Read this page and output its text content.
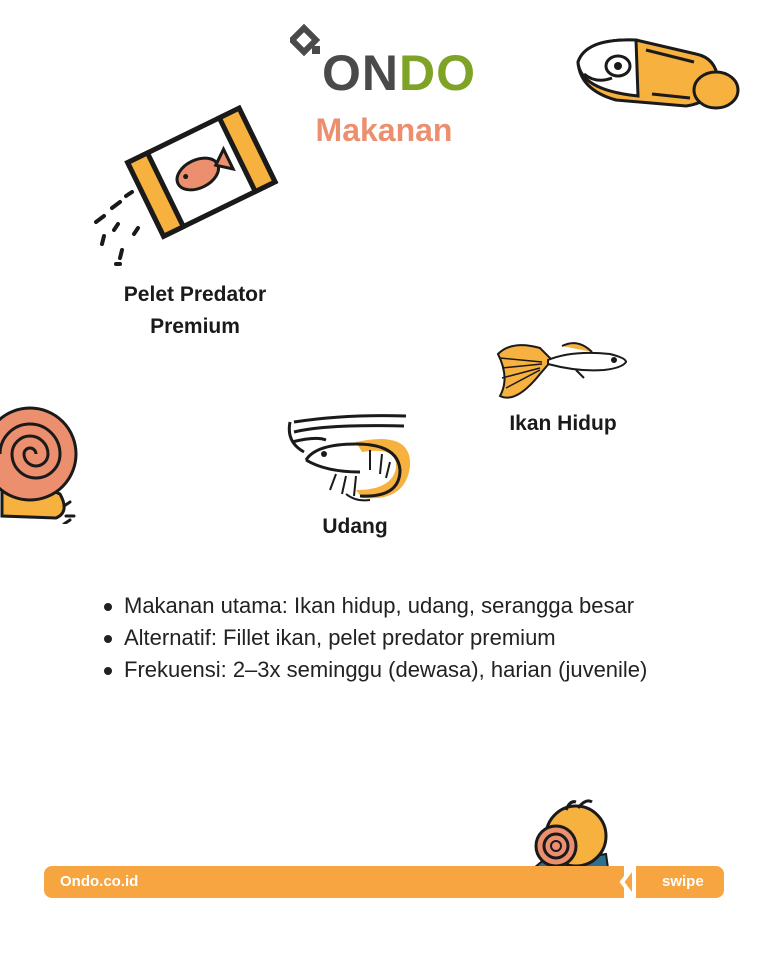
ONDO
Makanan
Pelet Predator
Premium
Ikan Hidup
Udang
Makanan utama: Ikan hidup, udang, serangga besar
Alternatif: Fillet ikan, pelet predator premium
Frekuensi: 2–3x seminggu (dewasa), harian (juvenile)
Ondo.co.id	swipe
